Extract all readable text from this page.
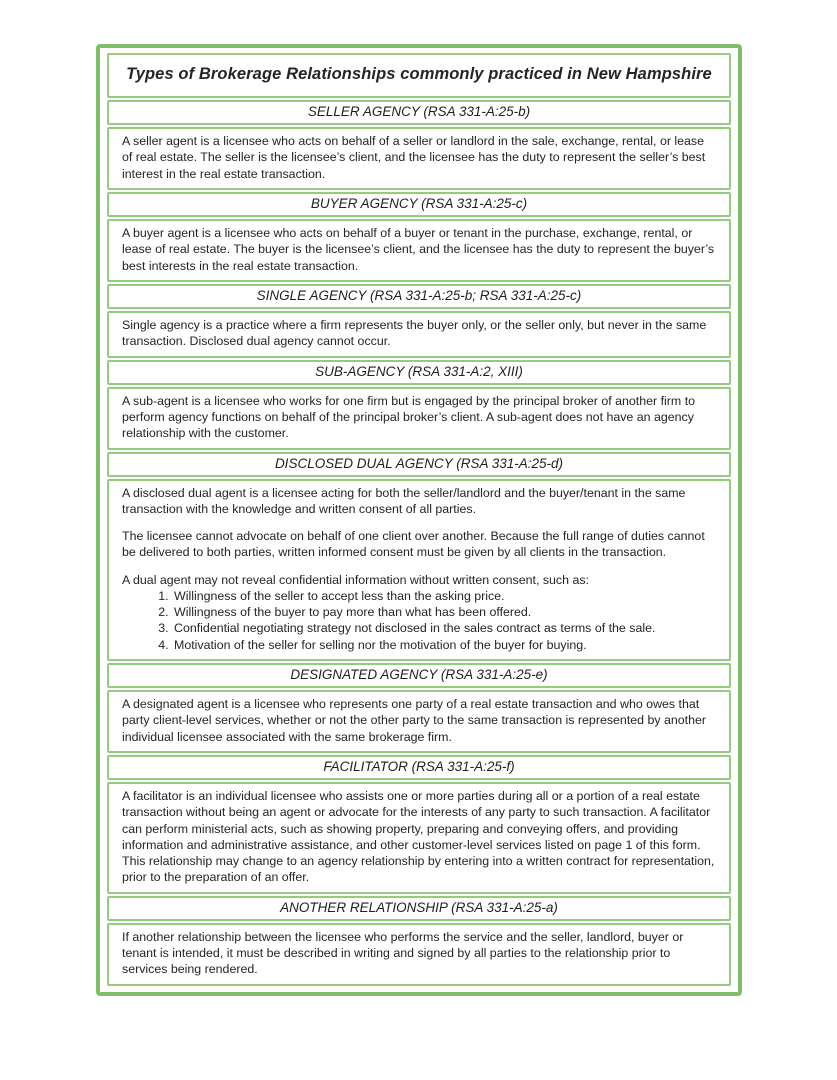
Types of Brokerage Relationships commonly practiced in New Hampshire
SELLER AGENCY (RSA 331-A:25-b)

A seller agent is a licensee who acts on behalf of a seller or landlord in the sale, exchange, rental, or lease of real estate. The seller is the licensee’s client, and the licensee has the duty to represent the seller’s best interest in the real estate transaction.

BUYER AGENCY (RSA 331-A:25-c)

A buyer agent is a licensee who acts on behalf of a buyer or tenant in the purchase, exchange, rental, or lease of real estate. The buyer is the licensee’s client, and the licensee has the duty to represent the buyer’s best interests in the real estate transaction.

SINGLE AGENCY (RSA 331-A:25-b; RSA 331-A:25-c)

Single agency is a practice where a firm represents the buyer only, or the seller only, but never in the same transaction. Disclosed dual agency cannot occur.

SUB-AGENCY (RSA 331-A:2, XIII)

A sub-agent is a licensee who works for one firm but is engaged by the principal broker of another firm to perform agency functions on behalf of the principal broker’s client. A sub-agent does not have an agency relationship with the customer.

DISCLOSED DUAL AGENCY (RSA 331-A:25-d)

A disclosed dual agent is a licensee acting for both the seller/landlord and the buyer/tenant in the same transaction with the knowledge and written consent of all parties.

The licensee cannot advocate on behalf of one client over another. Because the full range of duties cannot be delivered to both parties, written informed consent must be given by all clients in the transaction.

A dual agent may not reveal confidential information without written consent, such as:

1. Willingness of the seller to accept less than the asking price.
2. Willingness of the buyer to pay more than what has been offered.
3. Confidential negotiating strategy not disclosed in the sales contract as terms of the sale.
4. Motivation of the seller for selling nor the motivation of the buyer for buying.
DESIGNATED AGENCY (RSA 331-A:25-e)

A designated agent is a licensee who represents one party of a real estate transaction and who owes that party client-level services, whether or not the other party to the same transaction is represented by another individual licensee associated with the same brokerage firm.

FACILITATOR (RSA 331-A:25-f)

A facilitator is an individual licensee who assists one or more parties during all or a portion of a real estate transaction without being an agent or advocate for the interests of any party to such transaction. A facilitator can perform ministerial acts, such as showing property, preparing and conveying offers, and providing information and administrative assistance, and other customer-level services listed on page 1 of this form. This relationship may change to an agency relationship by entering into a written contract for representation, prior to the preparation of an offer.

ANOTHER RELATIONSHIP (RSA 331-A:25-a)

If another relationship between the licensee who performs the service and the seller, landlord, buyer or tenant is intended, it must be described in writing and signed by all parties to the relationship prior to services being rendered.
